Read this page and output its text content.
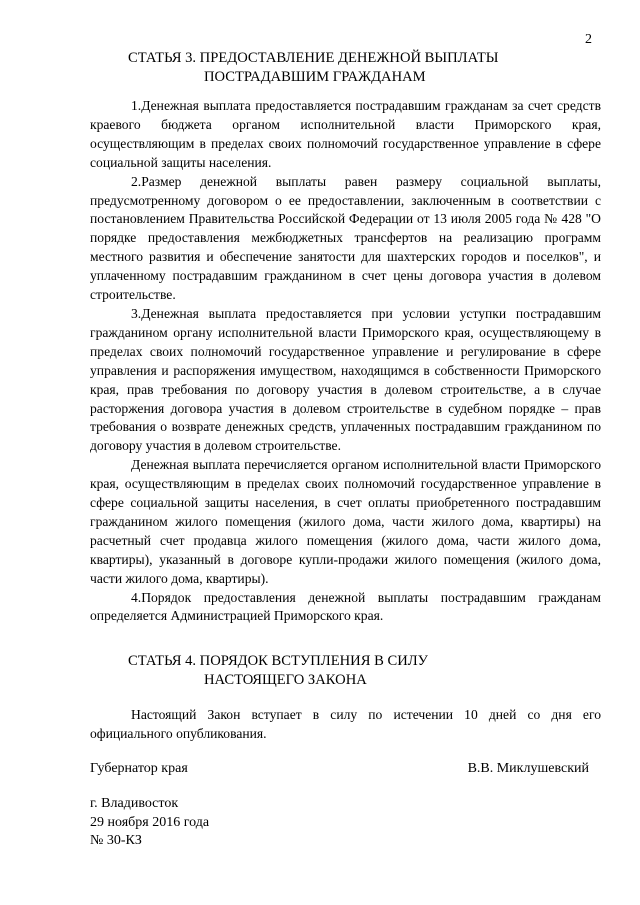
2
СТАТЬЯ 3. ПРЕДОСТАВЛЕНИЕ ДЕНЕЖНОЙ ВЫПЛАТЫ
ПОСТРАДАВШИМ ГРАЖДАНАМ

1.Денежная выплата предоставляется пострадавшим гражданам за счет средств краевого бюджета органом исполнительной власти Приморского края, осуществляющим в пределах своих полномочий государственное управление в сфере социальной защиты населения.

2.Размер денежной выплаты равен размеру социальной выплаты, предусмотренному договором о ее предоставлении, заключенным в соответствии с постановлением Правительства Российской Федерации от 13 июля 2005 года № 428 "О порядке предоставления межбюджетных трансфертов на реализацию программ местного развития и обеспечение занятости для шахтерских городов и поселков", и уплаченному пострадавшим гражданином в счет цены договора участия в долевом строительстве.

3.Денежная выплата предоставляется при условии уступки пострадавшим гражданином органу исполнительной власти Приморского края, осуществляющему в пределах своих полномочий государственное управление и регулирование в сфере управления и распоряжения имуществом, находящимся в собственности Приморского края, прав требования по договору участия в долевом строительстве, а в случае расторжения договора участия в долевом строительстве в судебном порядке – прав требования о возврате денежных средств, уплаченных пострадавшим гражданином по договору участия в долевом строительстве.

Денежная выплата перечисляется органом исполнительной власти Приморского края, осуществляющим в пределах своих полномочий государственное управление в сфере социальной защиты населения, в счет оплаты приобретенного пострадавшим гражданином жилого помещения (жилого дома, части жилого дома, квартиры) на расчетный счет продавца жилого помещения (жилого дома, части жилого дома, квартиры), указанный в договоре купли-продажи жилого помещения (жилого дома, части жилого дома, квартиры).

4.Порядок предоставления денежной выплаты пострадавшим гражданам определяется Администрацией Приморского края.

СТАТЬЯ 4. ПОРЯДОК ВСТУПЛЕНИЯ В СИЛУ
НАСТОЯЩЕГО ЗАКОНА

Настоящий Закон вступает в силу по истечении 10 дней со дня его официального опубликования.

Губернатор края	В.В. Миклушевский
г. Владивосток
29 ноября 2016 года
№ 30-КЗ
